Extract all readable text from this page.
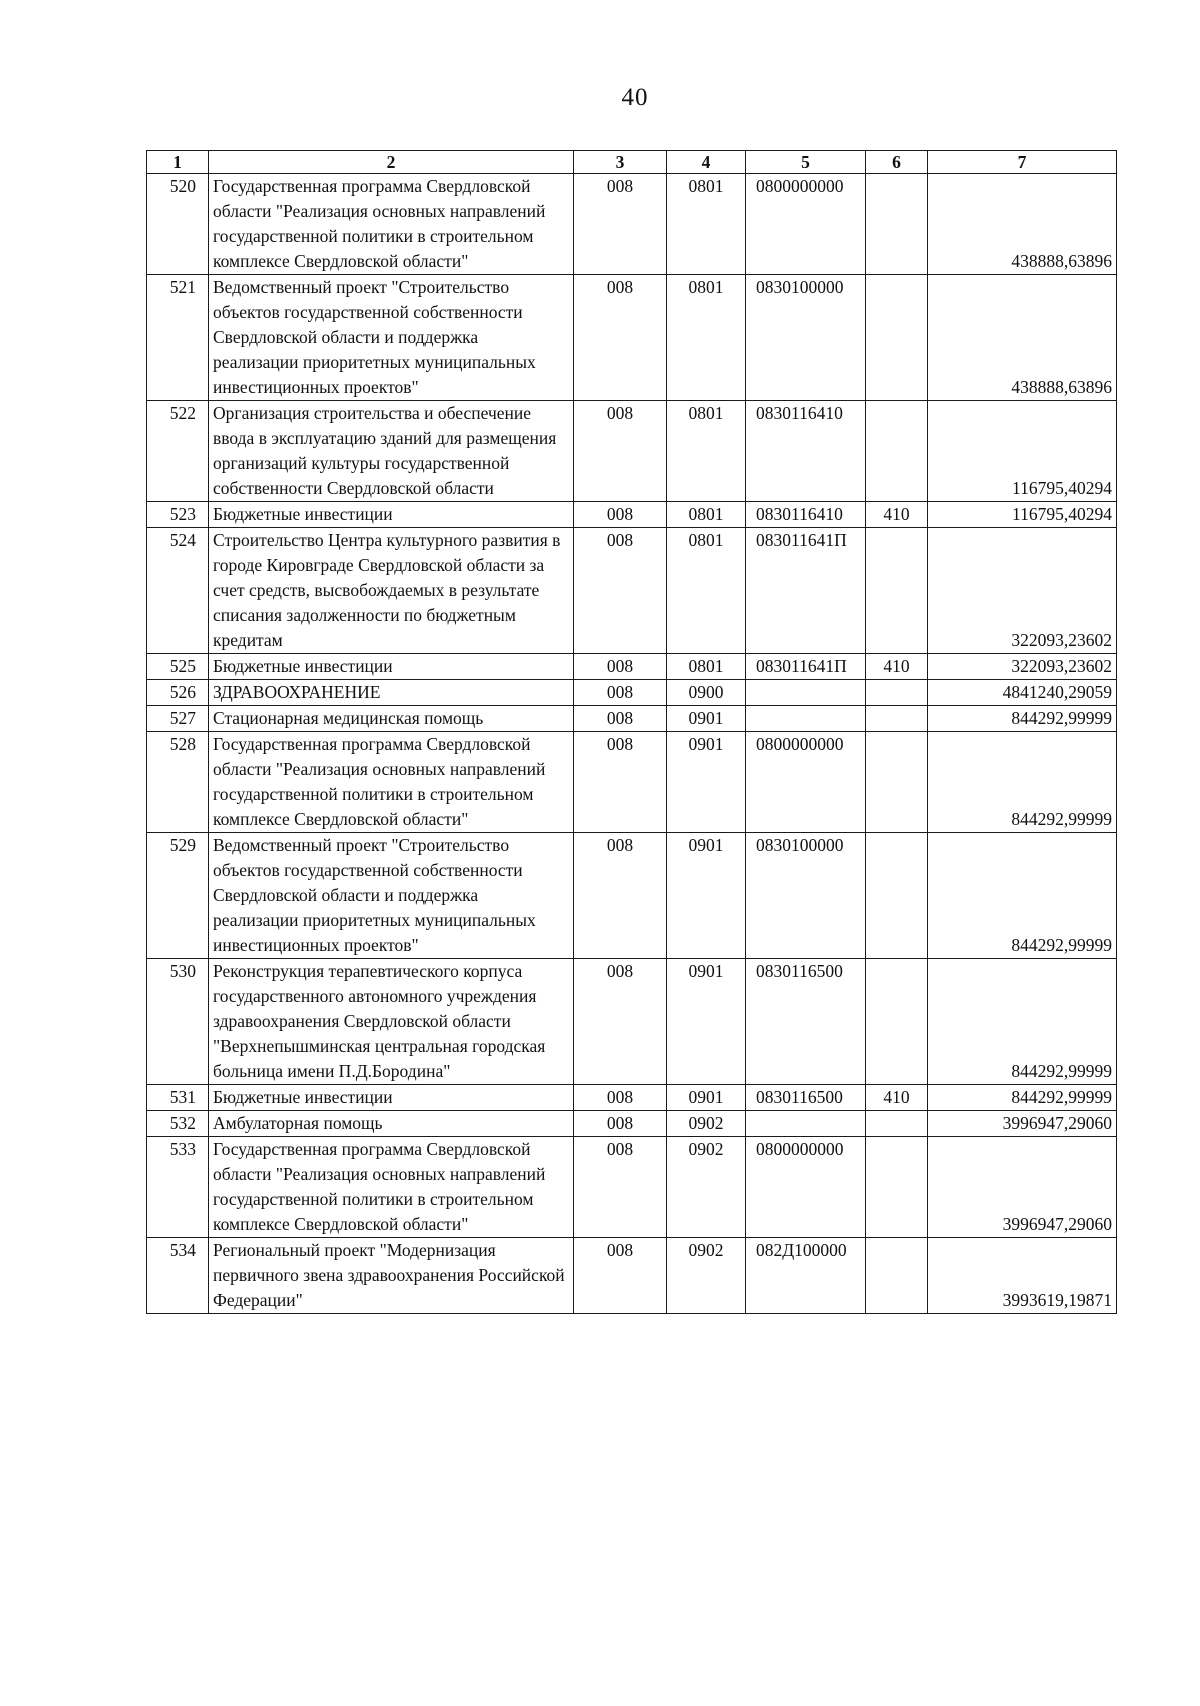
40
1	2	3	4	5	6	7
520	Государственная программа Свердловской области "Реализация основных направлений государственной политики в строительном комплексе Свердловской области"	008	0801	0800000000		438888,63896
521	Ведомственный проект "Строительство объектов государственной собственности Свердловской области и поддержка реализации приоритетных муниципальных инвестиционных проектов"	008	0801	0830100000		438888,63896
522	Организация строительства и обеспечение ввода в эксплуатацию зданий для размещения организаций культуры государственной собственности Свердловской области	008	0801	0830116410		116795,40294
523	Бюджетные инвестиции	008	0801	0830116410	410	116795,40294
524	Строительство Центра культурного развития в городе Кировграде Свердловской области за счет средств, высвобождаемых в результате списания задолженности по бюджетным кредитам	008	0801	083011641П		322093,23602
525	Бюджетные инвестиции	008	0801	083011641П	410	322093,23602
526	ЗДРАВООХРАНЕНИЕ	008	0900			4841240,29059
527	Стационарная медицинская помощь	008	0901			844292,99999
528	Государственная программа Свердловской области "Реализация основных направлений государственной политики в строительном комплексе Свердловской области"	008	0901	0800000000		844292,99999
529	Ведомственный проект "Строительство объектов государственной собственности Свердловской области и поддержка реализации приоритетных муниципальных инвестиционных проектов"	008	0901	0830100000		844292,99999
530	Реконструкция терапевтического корпуса государственного автономного учреждения здравоохранения Свердловской области "Верхнепышминская центральная городская больница имени П.Д.Бородина"	008	0901	0830116500		844292,99999
531	Бюджетные инвестиции	008	0901	0830116500	410	844292,99999
532	Амбулаторная помощь	008	0902			3996947,29060
533	Государственная программа Свердловской области "Реализация основных направлений государственной политики в строительном комплексе Свердловской области"	008	0902	0800000000		3996947,29060
534	Региональный проект "Модернизация первичного звена здравоохранения Российской Федерации"	008	0902	082Д100000		3993619,19871
